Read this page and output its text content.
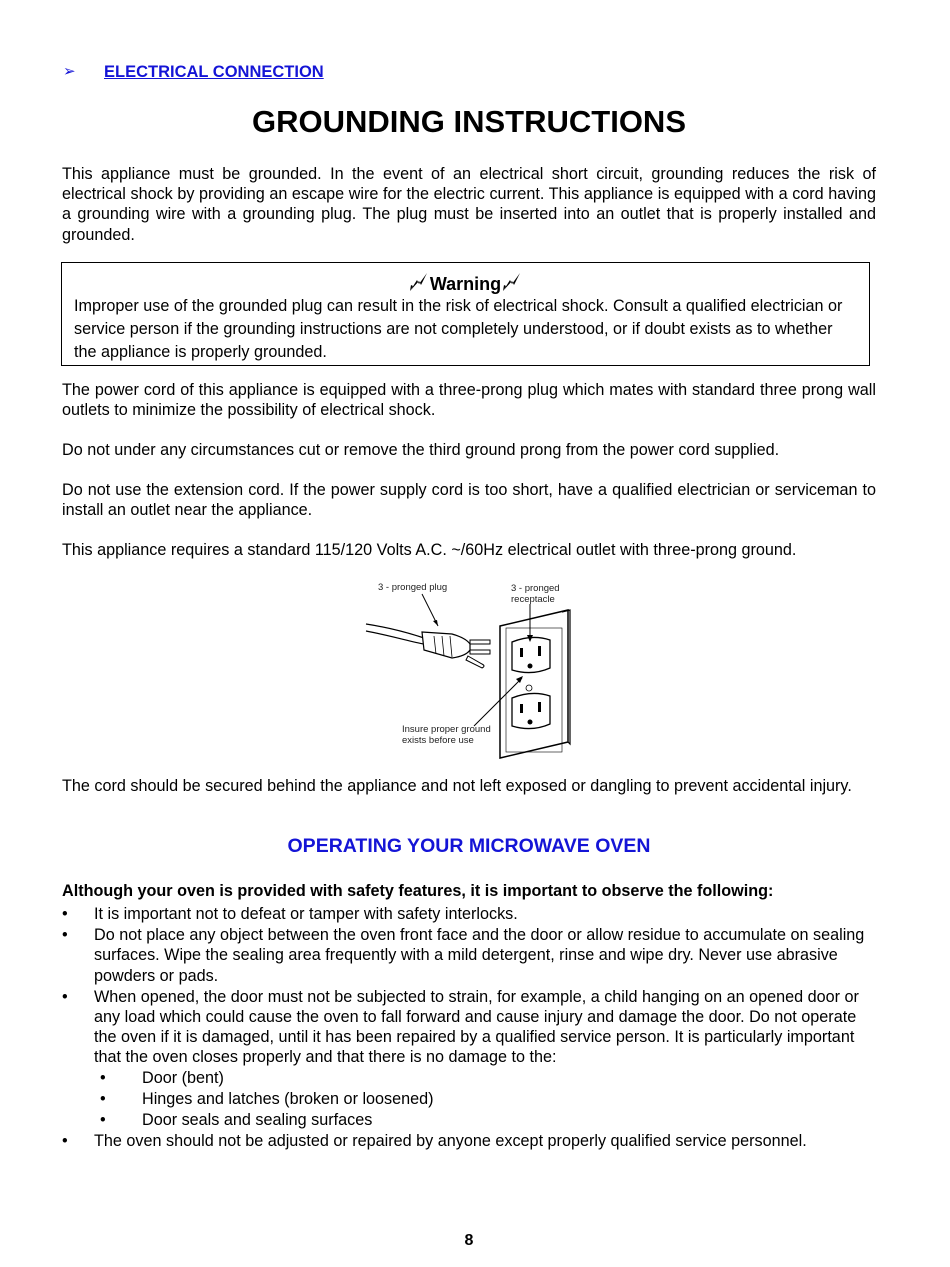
➢ ELECTRICAL CONNECTION
GROUNDING INSTRUCTIONS

This appliance must be grounded. In the event of an electrical short circuit, grounding reduces the risk of electrical shock by providing an escape wire for the electric current. This appliance is equipped with a cord having a grounding wire with a grounding plug. The plug must be inserted into an outlet that is properly installed and grounded.

Warning

Improper use of the grounded plug can result in the risk of electrical shock. Consult a qualified electrician or service person if the grounding instructions are not completely understood, or if doubt exists as to whether the appliance is properly grounded.

The power cord of this appliance is equipped with a three-prong plug which mates with standard three prong wall outlets to minimize the possibility of electrical shock.

Do not under any circumstances cut or remove the third ground prong from the power cord supplied.

Do not use the extension cord. If the power supply cord is too short, have a qualified electrician or serviceman to install an outlet near the appliance.

This appliance requires a standard 115/120 Volts A.C. ~/60Hz electrical outlet with three-prong ground.

3 - pronged plug	3 - pronged
receptacle
Insure proper ground
exists before use

The cord should be secured behind the appliance and not left exposed or dangling to prevent accidental injury.

OPERATING YOUR MICROWAVE OVEN

Although your oven is provided with safety features, it is important to observe the following:

• It is important not to defeat or tamper with safety interlocks.
• Do not place any object between the oven front face and the door or allow residue to accumulate on sealing surfaces. Wipe the sealing area frequently with a mild detergent, rinse and wipe dry. Never use abrasive powders or pads.
• When opened, the door must not be subjected to strain, for example, a child hanging on an opened door or any load which could cause the oven to fall forward and cause injury and damage the door. Do not operate the oven if it is damaged, until it has been repaired by a qualified service person. It is particularly important that the oven closes properly and that there is no damage to the:
• Door (bent)
• Hinges and latches (broken or loosened)
• Door seals and sealing surfaces
• The oven should not be adjusted or repaired by anyone except properly qualified service personnel.
8
